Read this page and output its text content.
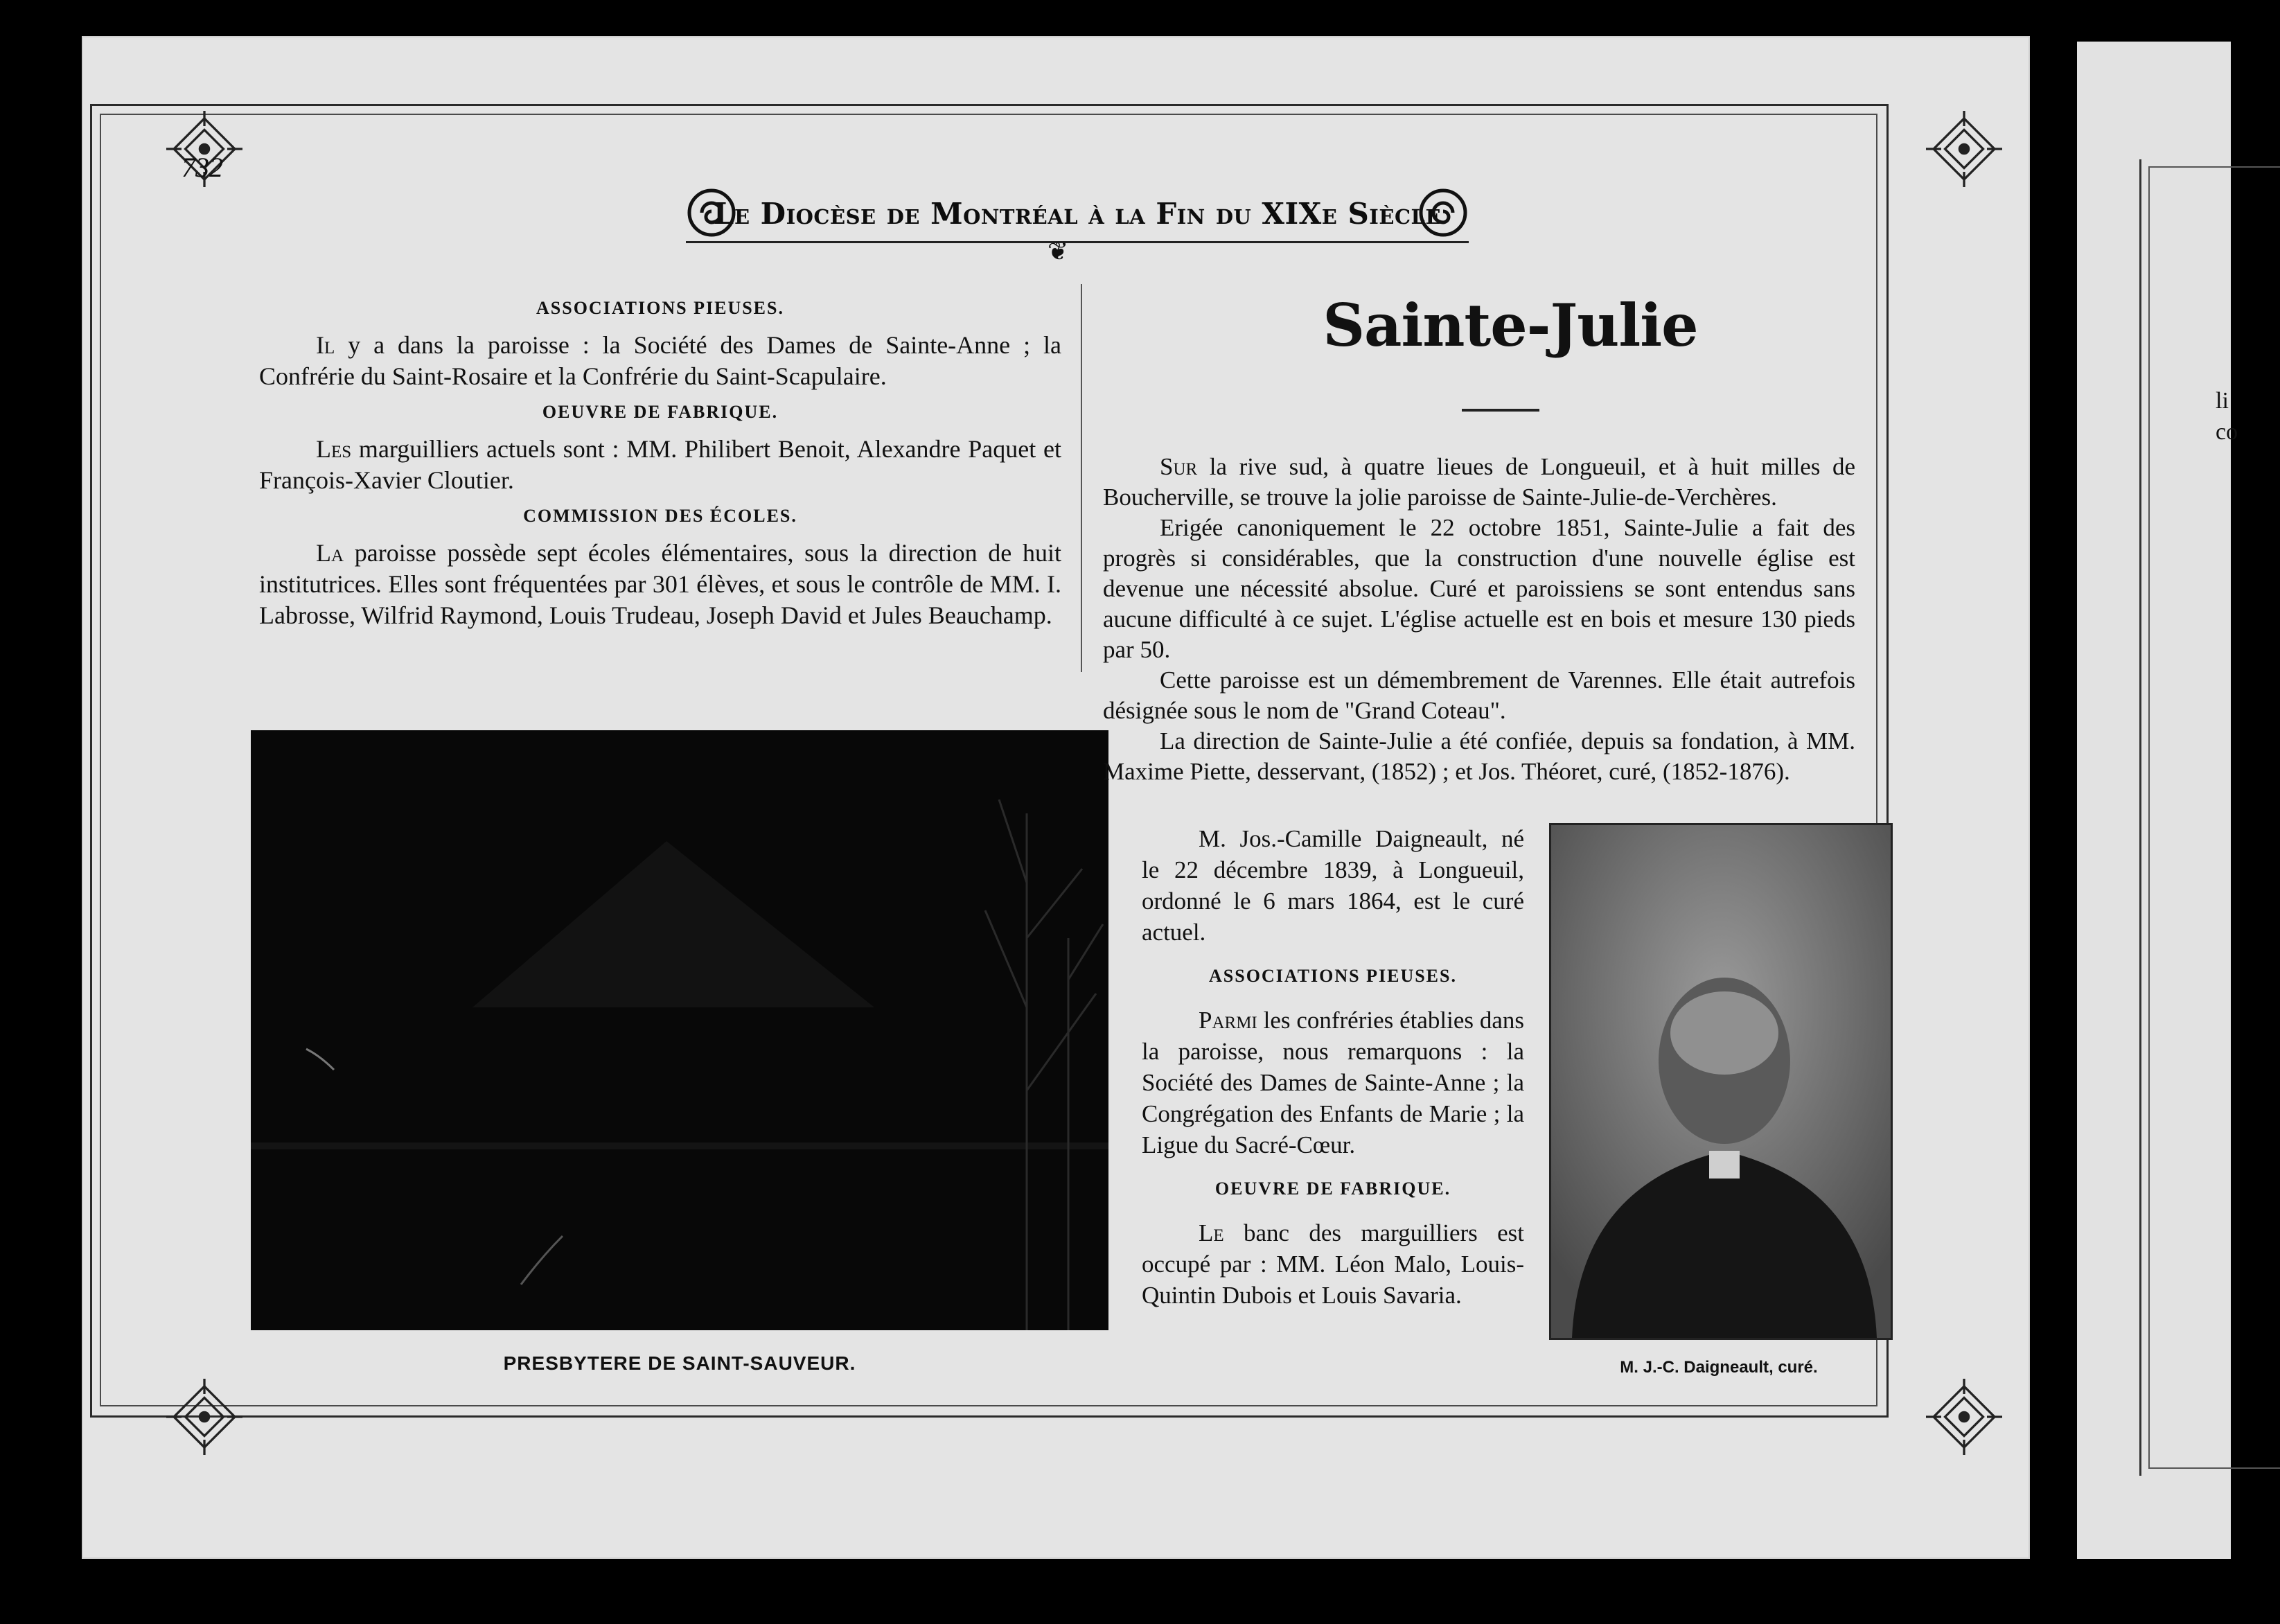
li
co
732
Le Diocèse de Montréal à la Fin du XIXe Siècle
❦
ASSOCIATIONS PIEUSES.

Il y a dans la paroisse : la Société des Dames de Sainte-Anne ; la Confrérie du Saint-Rosaire et la Confrérie du Saint-Scapulaire.

OEUVRE DE FABRIQUE.

Les marguilliers actuels sont : MM. Philibert Benoit, Alexandre Paquet et François-Xavier Cloutier.

COMMISSION DES ÉCOLES.

La paroisse possède sept écoles élémentaires, sous la direction de huit institutrices. Elles sont fréquentées par 301 élèves, et sous le contrôle de MM. I. Labrosse, Wilfrid Raymond, Louis Trudeau, Joseph David et Jules Beauchamp.

PRESBYTERE DE SAINT-SAUVEUR.
Sainte-Julie

Sur la rive sud, à quatre lieues de Longueuil, et à huit milles de Boucherville, se trouve la jolie paroisse de Sainte-Julie-de-Verchères.

Erigée canoniquement le 22 octobre 1851, Sainte-Julie a fait des progrès si considérables, que la construction d'une nouvelle église est devenue une nécessité absolue. Curé et paroissiens se sont entendus sans aucune difficulté à ce sujet. L'église actuelle est en bois et mesure 130 pieds par 50.

Cette paroisse est un démembrement de Varennes. Elle était autrefois désignée sous le nom de "Grand Coteau".

La direction de Sainte-Julie a été confiée, depuis sa fondation, à MM. Maxime Piette, desservant, (1852) ; et Jos. Théoret, curé, (1852-1876).

M. Jos.-Camille Daigneault, né le 22 décembre 1839, à Longueuil, ordonné le 6 mars 1864, est le curé actuel.

ASSOCIATIONS PIEUSES.

Parmi les confréries établies dans la paroisse, nous remarquons : la Société des Dames de Sainte-Anne ; la Congrégation des Enfants de Marie ; la Ligue du Sacré-Cœur.

OEUVRE DE FABRIQUE.

Le banc des marguilliers est occupé par : MM. Léon Malo, Louis-Quintin Dubois et Louis Savaria.

M. J.-C. Daigneault, curé.
